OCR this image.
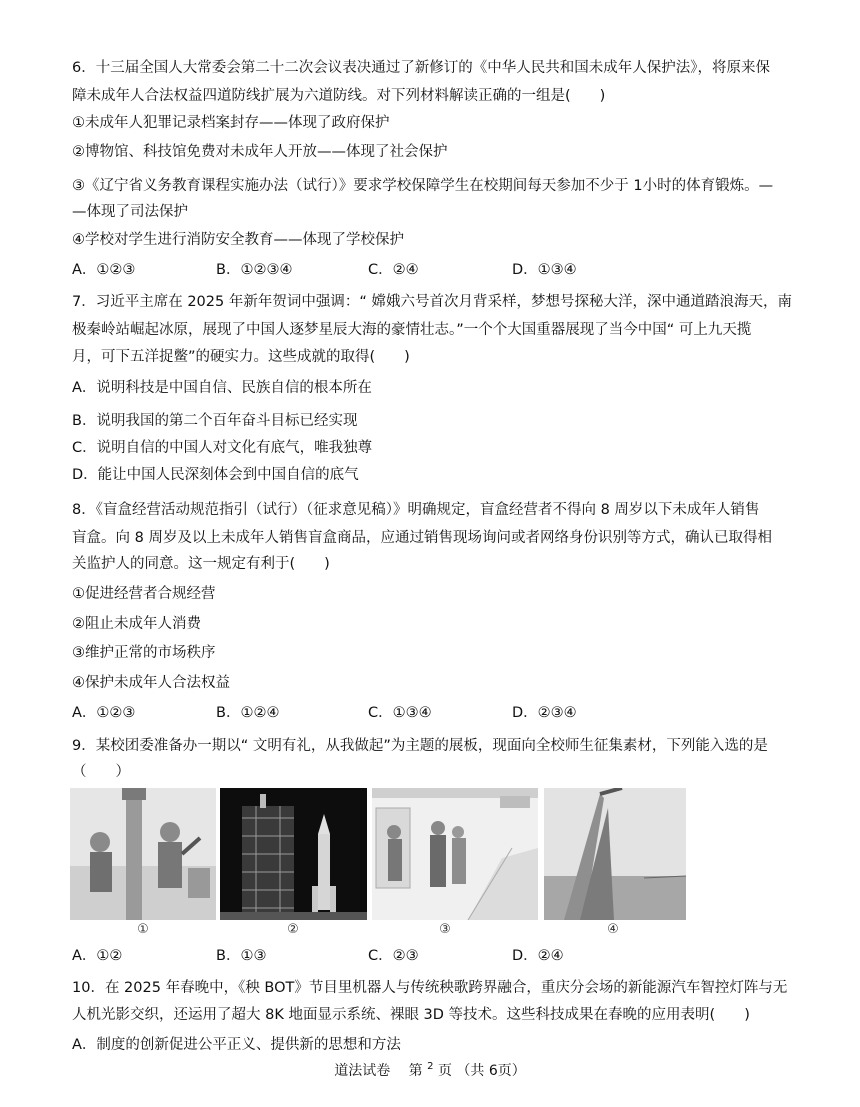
6．十三届全国人大常委会第二十二次会议表决通过了新修订的《中华人民共和国未成年人保护法》，将原来保
障未成年人合法权益四道防线扩展为六道防线。对下列材料解读正确的一组是(　　)
①未成年人犯罪记录档案封存——体现了政府保护
②博物馆、科技馆免费对未成年人开放——体现了社会保护
③《辽宁省义务教育课程实施办法（试行）》要求学校保障学生在校期间每天参加不少于 1小时的体育锻炼。—
—体现了司法保护
④学校对学生进行消防安全教育——体现了学校保护
A．①②③	B．①②③④	C．②④	D．①③④
7．习近平主席在 2025 年新年贺词中强调：“ 嫦娥六号首次月背采样，梦想号探秘大洋，深中通道踏浪海天，南
极秦岭站崛起冰原，展现了中国人逐梦星辰大海的豪情壮志。”一个个大国重器展现了当今中国“ 可上九天揽
月，可下五洋捉鳖”的硬实力。这些成就的取得(　　)
A．说明科技是中国自信、民族自信的根本所在
B．说明我国的第二个百年奋斗目标已经实现
C．说明自信的中国人对文化有底气，唯我独尊
D．能让中国人民深刻体会到中国自信的底气
8．《盲盒经营活动规范指引（试行）（征求意见稿）》明确规定，盲盒经营者不得向 8 周岁以下未成年人销售
盲盒。向 8 周岁及以上未成年人销售盲盒商品，应通过销售现场询问或者网络身份识别等方式，确认已取得相
关监护人的同意。这一规定有利于(　　)
①促进经营者合规经营
②阻止未成年人消费
③维护正常的市场秩序
④保护未成年人合法权益
A．①②③	B．①②④	C．①③④	D．②③④
9．某校团委准备办一期以“ 文明有礼，从我做起”为主题的展板，现面向全校师生征集素材，下列能入选的是
（　　）
①	②	③	④
A．①②	B．①③	C．②③	D．②④
10．在 2025 年春晚中，《秧 BOT》节目里机器人与传统秧歌跨界融合，重庆分会场的新能源汽车智控灯阵与无
人机光影交织，还运用了超大 8K 地面显示系统、裸眼 3D 等技术。这些科技成果在春晚的应用表明(　　)
A．制度的创新促进公平正义、提供新的思想和方法
道法试卷　 第 $^2$ 页 （共 6页）
